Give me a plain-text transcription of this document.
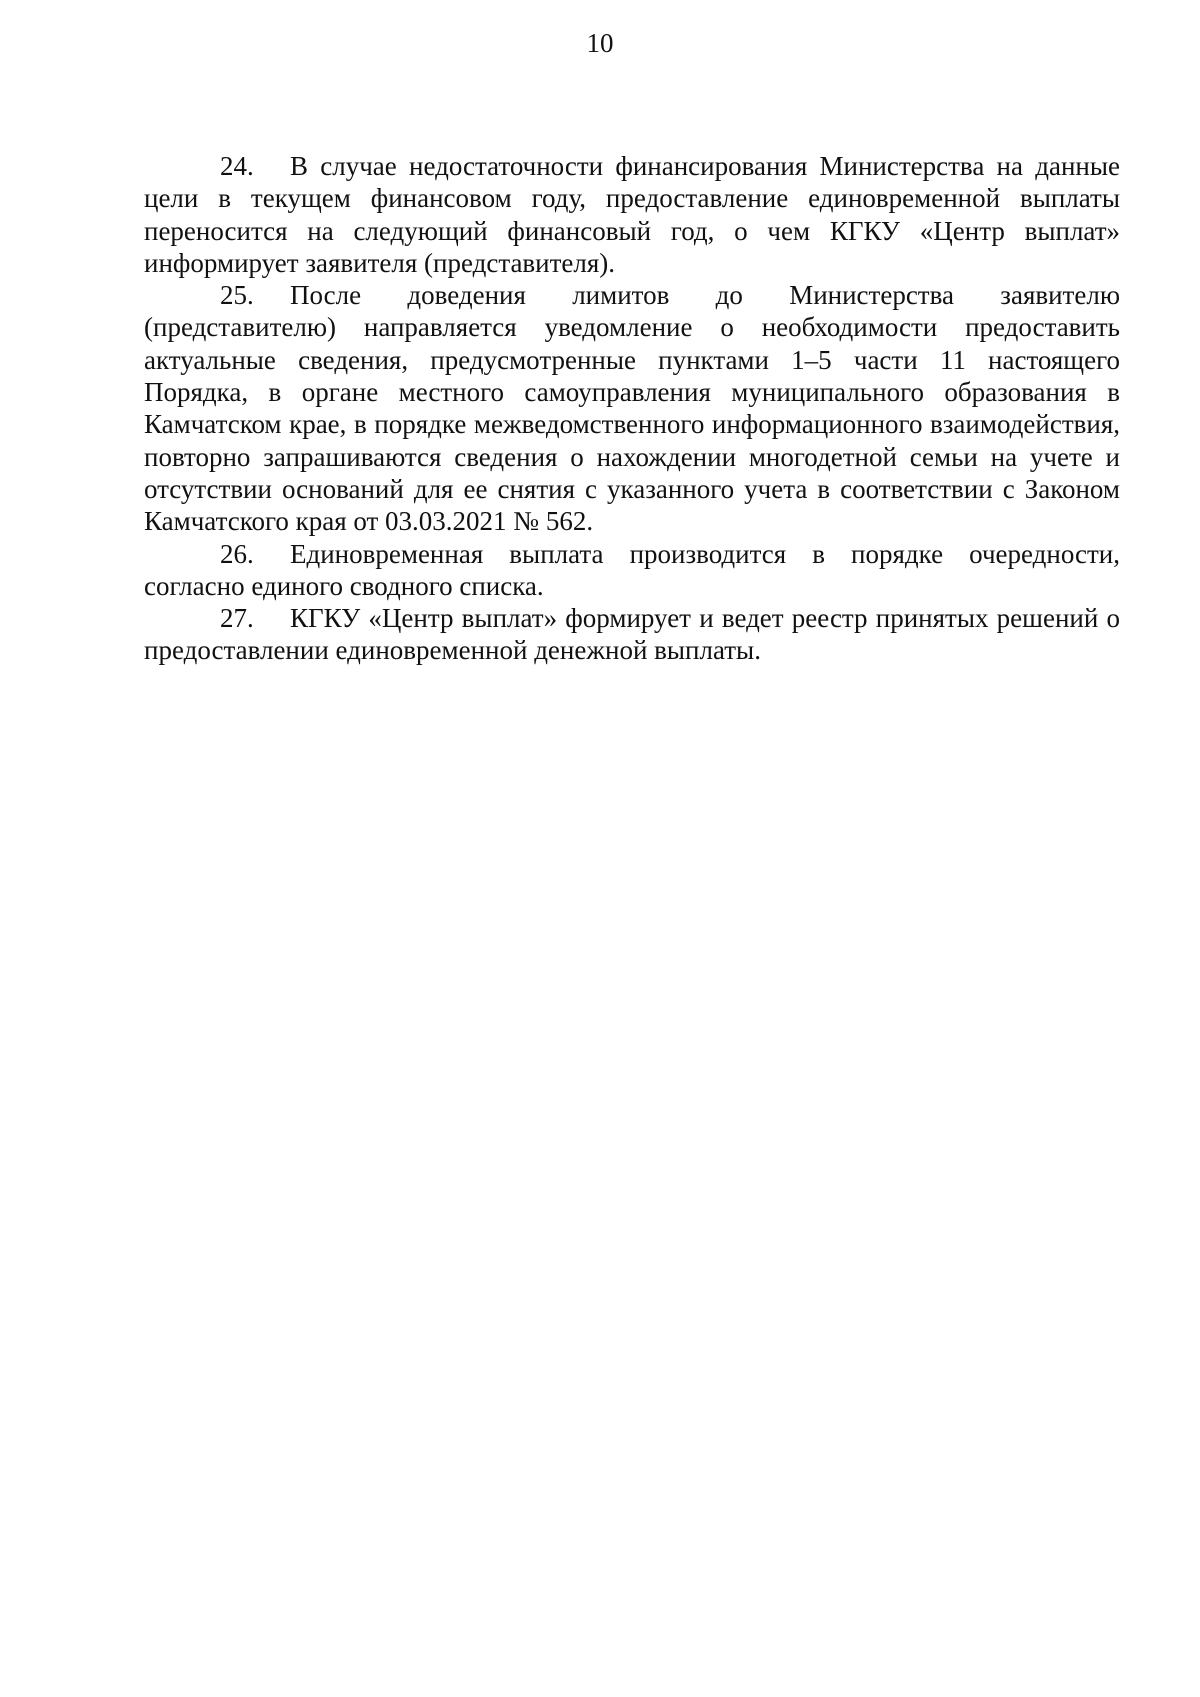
10

24. В случае недостаточности финансирования Министерства на данные цели в текущем финансовом году, предоставление единовременной выплаты переносится на следующий финансовый год, о чем КГКУ «Центр выплат» информирует заявителя (представителя).

25. После доведения лимитов до Министерства заявителю (представителю) направляется уведомление о необходимости предоставить актуальные сведения, предусмотренные пунктами 1–5 части 11 настоящего Порядка, в органе местного самоуправления муниципального образования в Камчатском крае, в порядке межведомственного информационного взаимодействия, повторно запрашиваются сведения о нахождении многодетной семьи на учете и отсутствии оснований для ее снятия с указанного учета в соответствии с Законом Камчатского края от 03.03.2021 № 562.

26. Единовременная выплата производится в порядке очередности, согласно единого сводного списка.

27. КГКУ «Центр выплат» формирует и ведет реестр принятых решений о предоставлении единовременной денежной выплаты.
